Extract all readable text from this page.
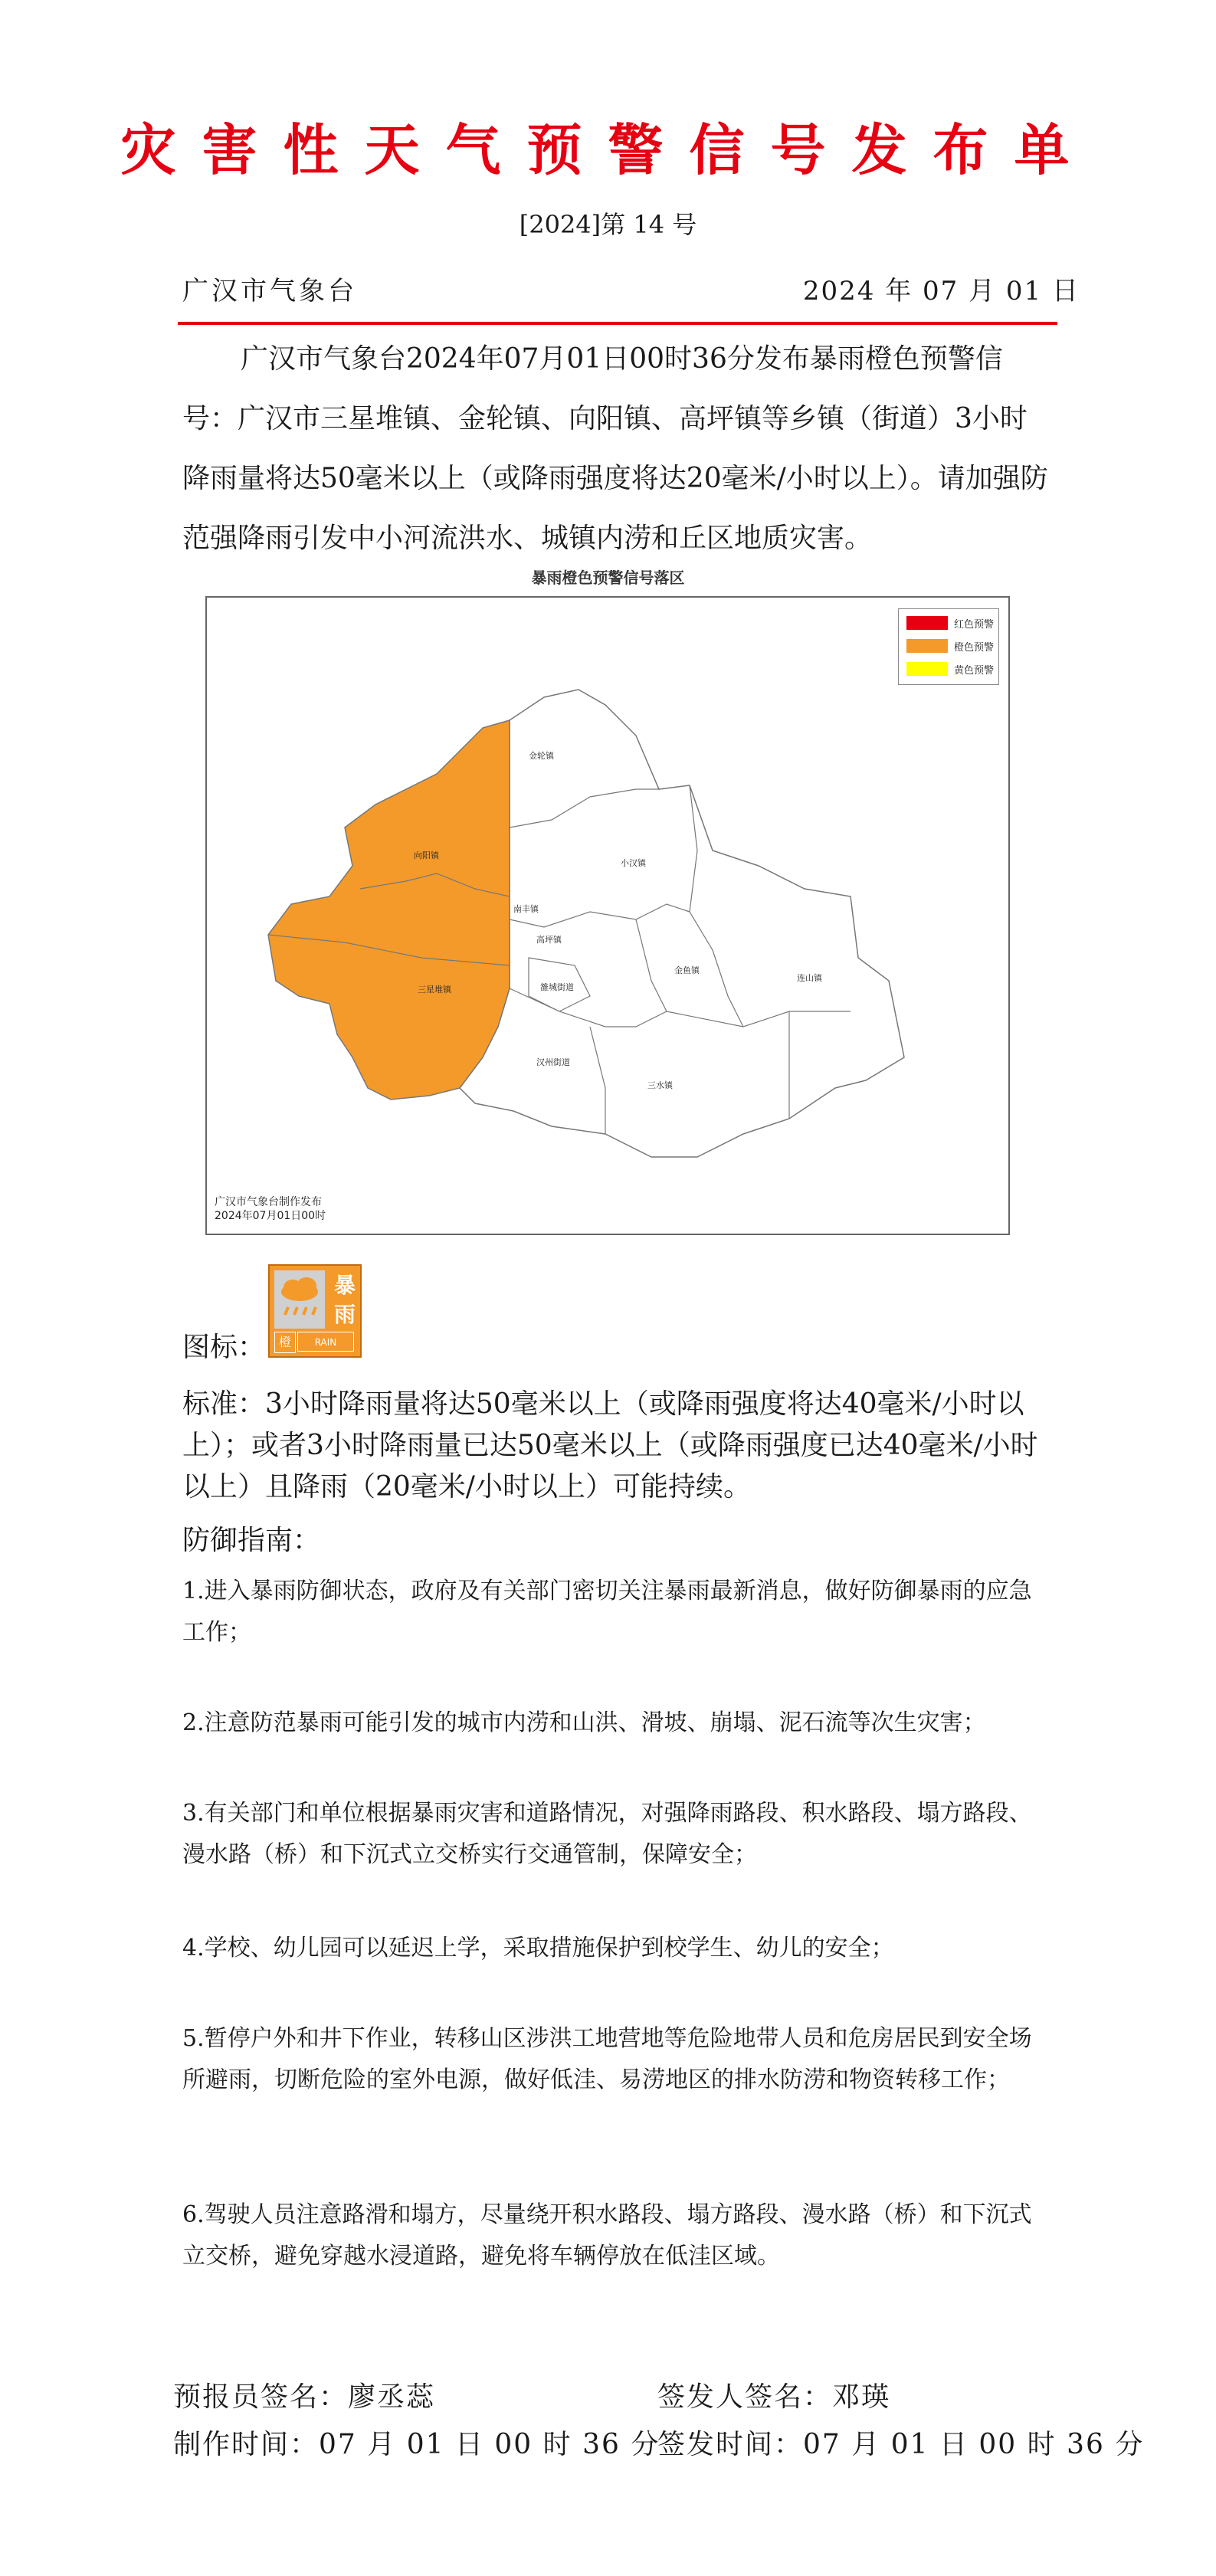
灾害性天气预警信号发布单
[2024]第 14 号
广汉市气象台	2024 年 07 月 01 日
广汉市气象台2024年07月01日00时36分发布暴雨橙色预警信号：广汉市三星堆镇、金轮镇、向阳镇、高坪镇等乡镇（街道）3小时降雨量将达50毫米以上（或降雨强度将达20毫米/小时以上）。请加强防范强降雨引发中小河流洪水、城镇内涝和丘区地质灾害。
暴雨橙色预警信号落区
金轮镇
向阳镇
小汉镇
南丰镇
金鱼镇
连山镇
三星堆镇	雒城街道
汉州街道
三水镇
高坪镇
红色预警
橙色预警
黄色预警
广汉市气象台制作发布
2024年07月01日00时
图标：
暴
雨
橙	RAIN STORM
标准：3小时降雨量将达50毫米以上（或降雨强度将达40毫米/小时以上）；或者3小时降雨量已达50毫米以上（或降雨强度已达40毫米/小时以上）且降雨（20毫米/小时以上）可能持续。
防御指南：
1.进入暴雨防御状态，政府及有关部门密切关注暴雨最新消息，做好防御暴雨的应急工作；
2.注意防范暴雨可能引发的城市内涝和山洪、滑坡、崩塌、泥石流等次生灾害；
3.有关部门和单位根据暴雨灾害和道路情况，对强降雨路段、积水路段、塌方路段、漫水路（桥）和下沉式立交桥实行交通管制，保障安全；
4.学校、幼儿园可以延迟上学，采取措施保护到校学生、幼儿的安全；
5.暂停户外和井下作业，转移山区涉洪工地营地等危险地带人员和危房居民到安全场所避雨，切断危险的室外电源，做好低洼、易涝地区的排水防涝和物资转移工作；
6.驾驶人员注意路滑和塌方，尽量绕开积水路段、塌方路段、漫水路（桥）和下沉式立交桥，避免穿越水浸道路，避免将车辆停放在低洼区域。
预报员签名：廖丞蕊	签发人签名：邓瑛
制作时间：07 月 01 日 00 时 36 分
签发时间：07 月 01 日 00 时 36 分
